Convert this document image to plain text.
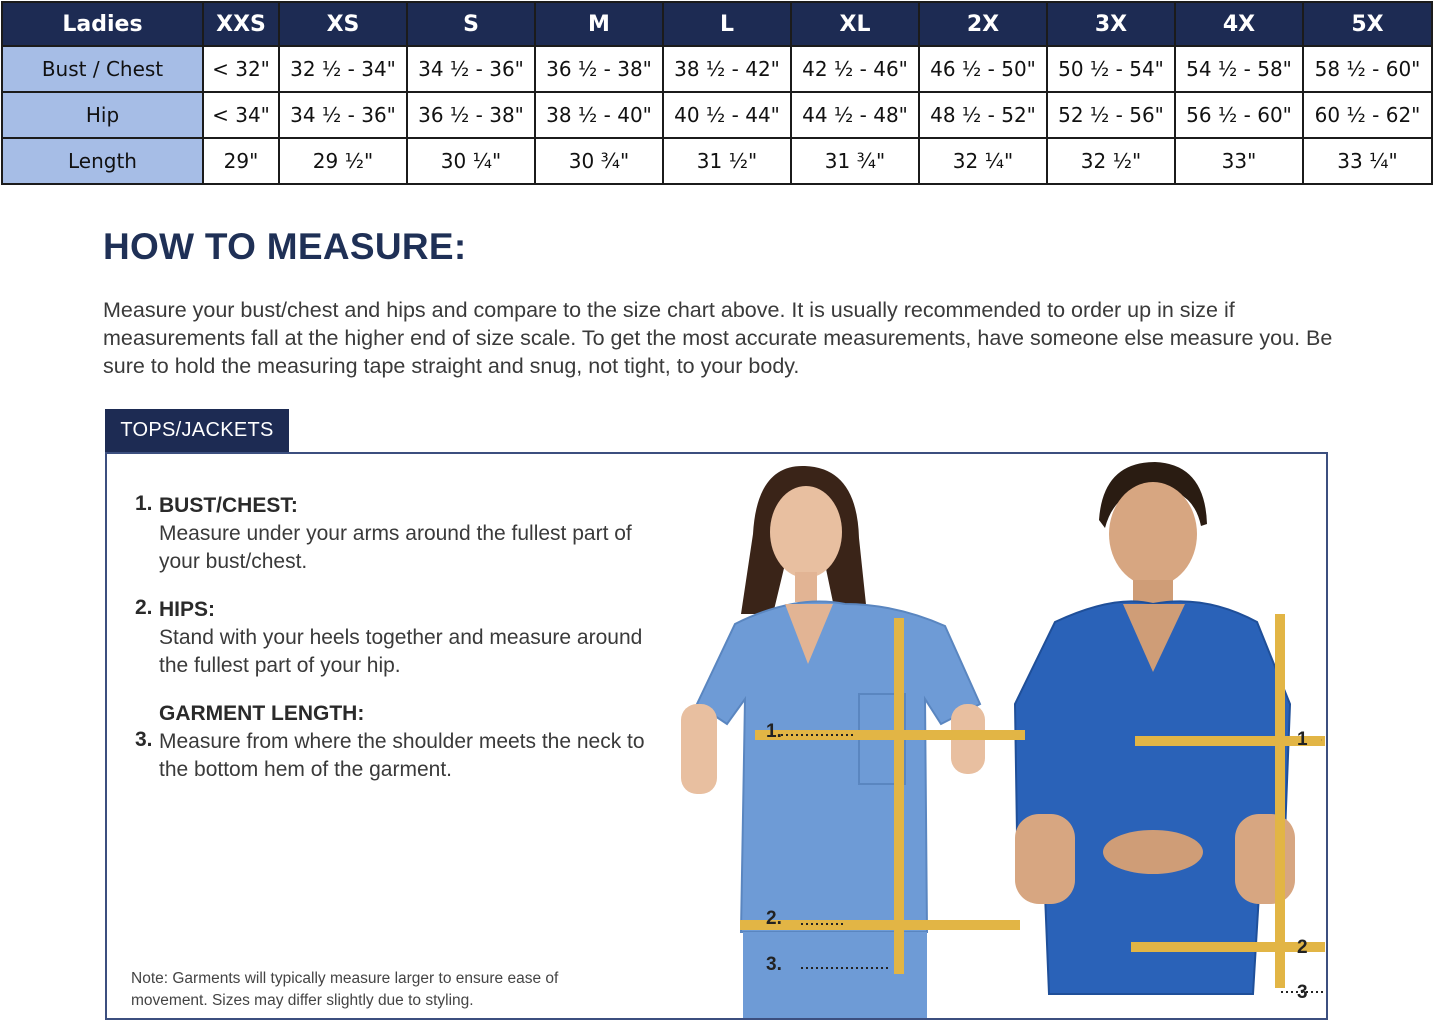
Ladies	XXS	XS	S	M	L	XL	2X	3X	4X	5X
Bust / Chest	< 32"	32 ½ - 34"	34 ½ - 36"	36 ½ - 38"	38 ½ - 42"	42 ½ - 46"	46 ½ - 50"	50 ½ - 54"	54 ½ - 58"	58 ½ - 60"
Hip	< 34"	34 ½ - 36"	36 ½ - 38"	38 ½ - 40"	40 ½ - 44"	44 ½ - 48"	48 ½ - 52"	52 ½ - 56"	56 ½ - 60"	60 ½ - 62"
Length	29"	29 ½"	30 ¼"	30 ¾"	31 ½"	31 ¾"	32 ¼"	32 ½"	33"	33 ¼"
HOW TO MEASURE:

Measure your bust/chest and hips and compare to the size chart above. It is usually recommended to order up in size if measurements fall at the higher end of size scale. To get the most accurate measurements, have someone else measure you. Be sure to hold the measuring tape straight and snug, not tight, to your body.

TOPS/JACKETS
1. BUST/CHEST:
Measure under your arms around the fullest part of your bust/chest.
2. HIPS:
Stand with your heels together and measure around the fullest part of your hip.
3.
GARMENT LENGTH:
Measure from where the shoulder meets the neck to the bottom hem of the garment.

Note: Garments will typically measure larger to ensure ease of movement. Sizes may differ slightly due to styling.

1.
2.
3.
1
2
3
